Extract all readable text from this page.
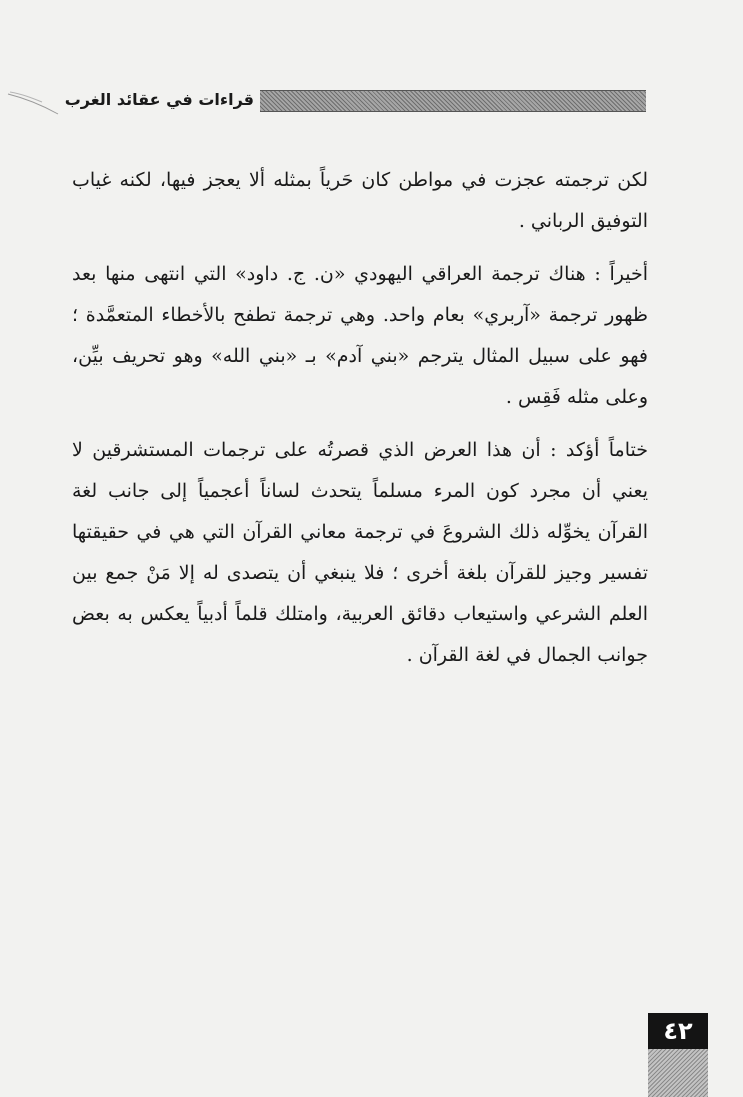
قراءات في عقائد الغرب

لكن ترجمته عجزت في مواطن كان حَرياً بمثله ألا يعجز فيها، لكنه غياب التوفيق الرباني .

أخيراً : هناك ترجمة العراقي اليهودي «ن. ج. داود» التي انتهى منها بعد ظهور ترجمة «آربري» بعام واحد. وهي ترجمة تطفح بالأخطاء المتعمَّدة ؛ فهو على سبيل المثال يترجم «بني آدم» بـ «بني الله» وهو تحريف بيِّن، وعلى مثله فَقِس .

ختاماً أؤكد : أن هذا العرض الذي قصرتُه على ترجمات المستشرقين لا يعني أن مجرد كون المرء مسلماً يتحدث لساناً أعجمياً إلى جانب لغة القرآن يخوِّله ذلك الشروعَ في ترجمة معاني القرآن التي هي في حقيقتها تفسير وجيز للقرآن بلغة أخرى ؛ فلا ينبغي أن يتصدى له إلا مَنْ جمع بين العلم الشرعي واستيعاب دقائق العربية، وامتلك قلماً أدبياً يعكس به بعض جوانب الجمال في لغة القرآن .

٤٢
